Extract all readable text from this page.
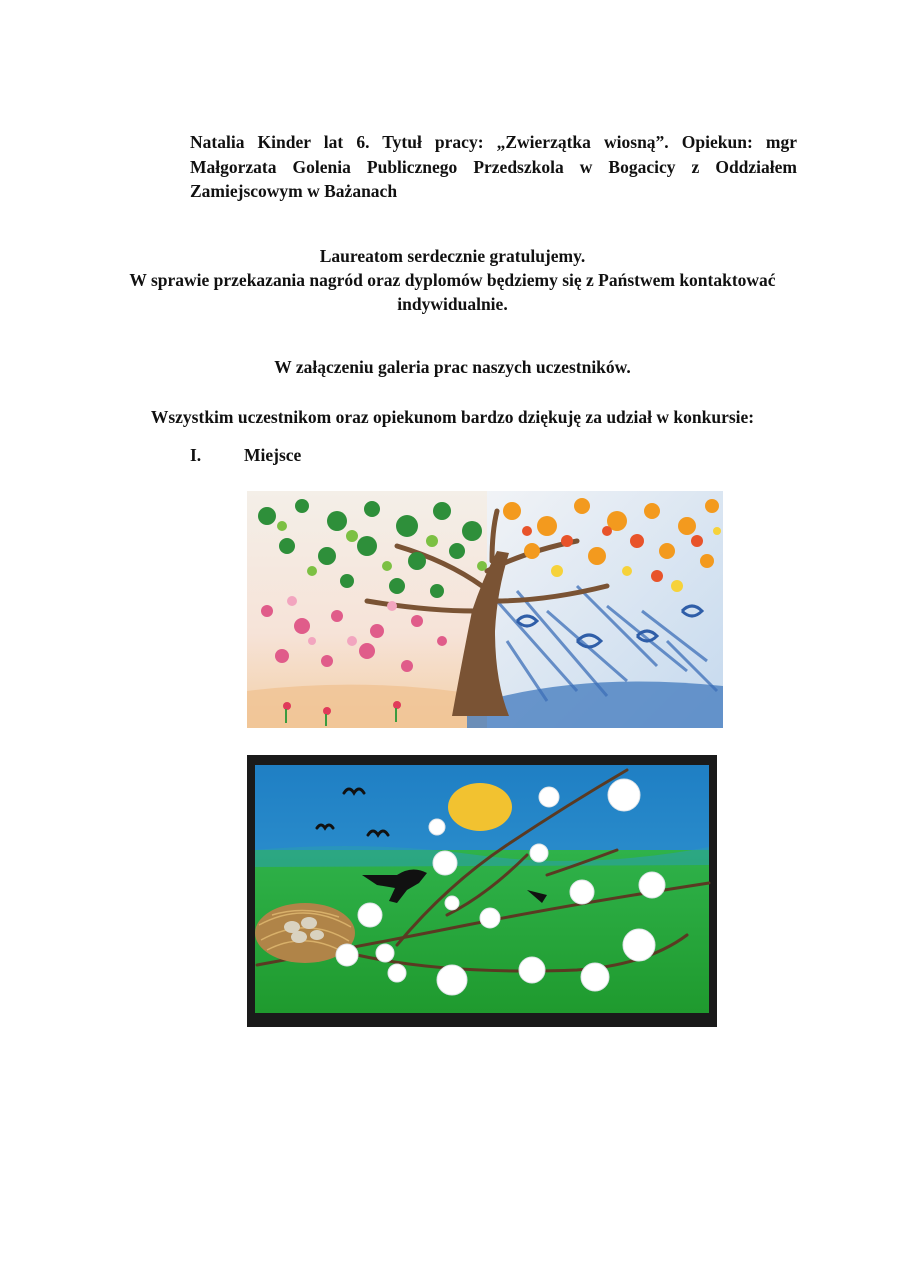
Natalia Kinder lat 6. Tytuł pracy: „Zwierzątka wiosną”. Opiekun: mgr Małgorzata Golenia Publicznego Przedszkola w Bogacicy z Oddziałem Zamiejscowym w Bażanach
Laureatom serdecznie gratulujemy.
W sprawie przekazania nagród oraz dyplomów będziemy się z Państwem kontaktować
indywidualnie.
W załączeniu galeria prac naszych uczestników.
Wszystkim uczestnikom oraz opiekunom bardzo dziękuję za udział w konkursie:
I. Miejsce
